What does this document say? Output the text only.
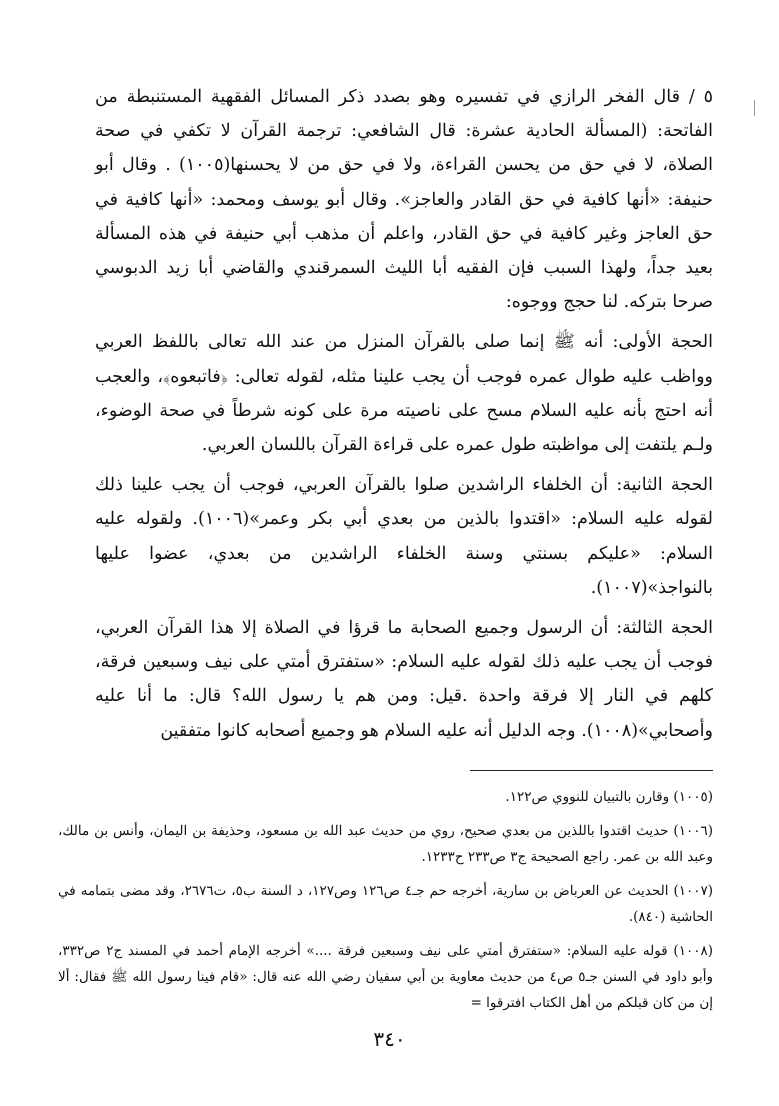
٥ / قال الفخر الرازي في تفسيره وهو بصدد ذكر المسائل الفقهية المستنبطة من الفاتحة: (المسألة الحادية عشرة: قال الشافعي: ترجمة القرآن لا تكفي في صحة الصلاة، لا في حق من يحسن القراءة، ولا في حق من لا يحسنها(١٠٠٥) . وقال أبو حنيفة: «أنها كافية في حق القادر والعاجز». وقال أبو يوسف ومحمد: «أنها كافية في حق العاجز وغير كافية في حق القادر، واعلم أن مذهب أبي حنيفة في هذه المسألة بعيد جداً، ولهذا السبب فإن الفقيه أبا الليث السمرقندي والقاضي أبا زيد الدبوسي صرحا بتركه. لنا حجج ووجوه:

الحجة الأولى: أنه ﷺ إنما صلى بالقرآن المنزل من عند الله تعالى باللفظ العربي وواظب عليه طوال عمره فوجب أن يجب علينا مثله، لقوله تعالى: ﴿فاتبعوه﴾، والعجب أنه احتج بأنه عليه السلام مسح على ناصيته مرة على كونه شرطاً في صحة الوضوء، ولـم يلتفت إلى مواظبته طول عمره على قراءة القرآن باللسان العربي.

الحجة الثانية: أن الخلفاء الراشدين صلوا بالقرآن العربي، فوجب أن يجب علينا ذلك لقوله عليه السلام: «اقتدوا بالذين من بعدي أبي بكر وعمر»(١٠٠٦). ولقوله عليه السلام: «عليكم بسنتي وسنة الخلفاء الراشدين من بعدي، عضوا عليها بالنواجذ»(١٠٠٧).

الحجة الثالثة: أن الرسول وجميع الصحابة ما قرؤا في الصلاة إلا هذا القرآن العربي، فوجب أن يجب عليه ذلك لقوله عليه السلام: «ستفترق أمتي على نيف وسبعين فرقة، كلهم في النار إلا فرقة واحدة .قيل: ومن هم يا رسول الله؟ قال: ما أنا عليه وأصحابي»(١٠٠٨). وجه الدليل أنه عليه السلام هو وجميع أصحابه كانوا متفقين

(١٠٠٥) وقارن بالتبيان للنووي ص١٢٢.

(١٠٠٦) حديث اقتدوا باللذين من بعدي صحيح، روي من حديث عبد الله بن مسعود، وحذيفة بن اليمان، وأنس بن مالك، وعبد الله بن عمر. راجع الصحيحة ج٣ ص٢٣٣ ح١٢٣٣.

(١٠٠٧) الحديث عن العرباض بن سارية، أخرجه حم جـ٤ ص١٢٦ وص١٢٧، د السنة ب٥، ت٢٦٧٦، وقد مضى بتمامه في الحاشية (٨٤٠).

(١٠٠٨) قوله عليه السلام: «ستفترق أمتي على نيف وسبعين فرقة ....» أخرجه الإمام أحمد في المسند ج٢ ص٣٣٢، وأبو داود في السنن جـ٥ ص٤ من حديث معاوية بن أبي سفيان رضي الله عنه قال: «قام فينا رسول الله ﷺ فقال: ألا إن من كان قبلكم من أهل الكتاب افترقوا =

٣٤٠
